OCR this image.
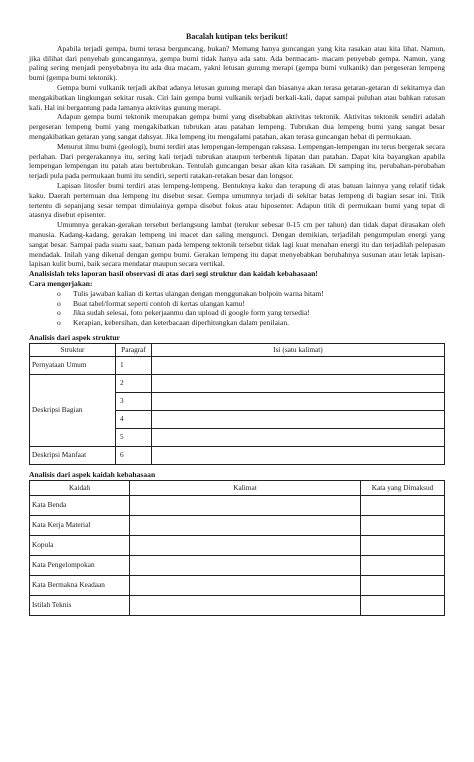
Bacalah kutipan teks berikut!

Apabila terjadi gempa, bumi terasa berguncang, bukan? Memang hanya guncangan yang kita rasakan atau kita lihat. Namun, jika dilihat dari penyebab guncangannya, gempa bumi tidak hanya ada satu. Ada bermacam- macam penyebab gempa. Namun, yang paling sering menjadi penyebabnya itu ada dua macam, yakni letusan gunung merapi (gempa bumi vulkanik) dan pergeseran lempeng bumi (gempa bumi tektonik).

Gempa bumi vulkanik terjadi akibat adanya letusan gunung merapi dan biasanya akan terasa getaran-getaran di sekitarnya dan mengakibatkan lingkungan sekitar rusak. Ciri lain gempa bumi vulkanik terjadi berkali-kali, dapat sampai puluhan atau bahkan ratusan kali. Hal ini bergantung pada lamanya aktivitas gunung merapi.

Adapun gempa bumi tektonik merupakan gempa bumi yang disebabkan aktivitas tektonik. Aktivitas tektonik sendiri adalah pergeseran lempeng bumi yang mengakibatkan tubrukan atau patahan lempeng. Tubrukan dua lempeng bumi yang sangat besar mengakibatkan getaran yang sangat dahsyat. Jika lempeng itu mengalami patahan, akan terasa guncangan hebat di permukaan.

Menurut ilmu bumi (geologi), bumi terdiri atas lempengan-lempengan raksasa. Lempengan-lempengan itu terus bergerak secara perlahan. Dari pergerakannya itu, sering kali terjadi tubrukan ataupun terbentuk lipatan dan patahan. Dapat kita bayangkan apabila lempengan lempengan itu patah atau bertubrukan. Tentulah guncangan besar akan kita rasakan. Di samping itu, perubahan-perubahan terjadi pula pada permukaan bumi itu sendiri, seperti ratakan-retakan besar dan longsor.

Lapisan litosfer bumi terdiri atas lempeng-lempeng. Bentuknya kaku dan terapung di atas batuan lainnya yang relatif tidak kaku. Daerah pertemuan dua lempeng itu disebut sesar. Gempa umumnya terjadi di sekitar batas lempeng di bagian sesar ini. Titik tertentu di sepanjang sesar tempat dimulainya gempa disebut fokus atau hiposenter. Adapun titik di permukaan bumi yang tepat di atasnya disebut episenter.

Umumnya gerakan-gerakan tersebut berlangsung lambat (terukur sebesar 0-15 cm per tahun) dan tidak dapat dirasakan oleh manusia. Kadang-kadang, gerakan lempeng ini macet dan saling mengunci. Dengan demikian, terjadilah pengumpulan energi yang sangat besar. Sampai pada suatu saat, batuan pada lempeng tektonik tersebut tidak lagi kuat menahan energi itu dan terjadilah pelepasan mendadak. Inilah yang dikenal dengan gempu bumi. Gerakan lempeng itu dapat menyebabkan berubahnya susunan atau letak lapisan-lapisan kulit bumi, baik secara mendatar maupun secara vertikal.

Analisislah teks laporan hasil observasi di atas dari segi struktur dan kaidah kebahasaan!
Cara mengerjakan:
o Tulis jawaban kalian di kertas ulangan dengan menggunakan bolpoin warna hitam!
o Buat tabel/format seperti contoh di kertas ulangan kamu!
o Jika sudah selesai, foto pekerjaanmu dan upload di google form yang tersedia!
o Kerapian, kebersihan, dan keterbacaan diperhitungkan dalam penilaian.
Analisis dari aspek struktur
Struktur	Paragraf	Isi (satu kalimat)
Pernyataan Umum	1	
Deskripsi Bagian	2	
	3	
	4	
	5	
Deskripsi Manfaat	6	
Analisis dari aspek kaidah kebahasaan
Kaidah	Kalimat	Kata yang Dimaksud
Kata Benda		
Kata Kerja Material		
Kopula		
Kata Pengelompokan		
Kata Bermakna Keadaan		
Istilah Teknis		
